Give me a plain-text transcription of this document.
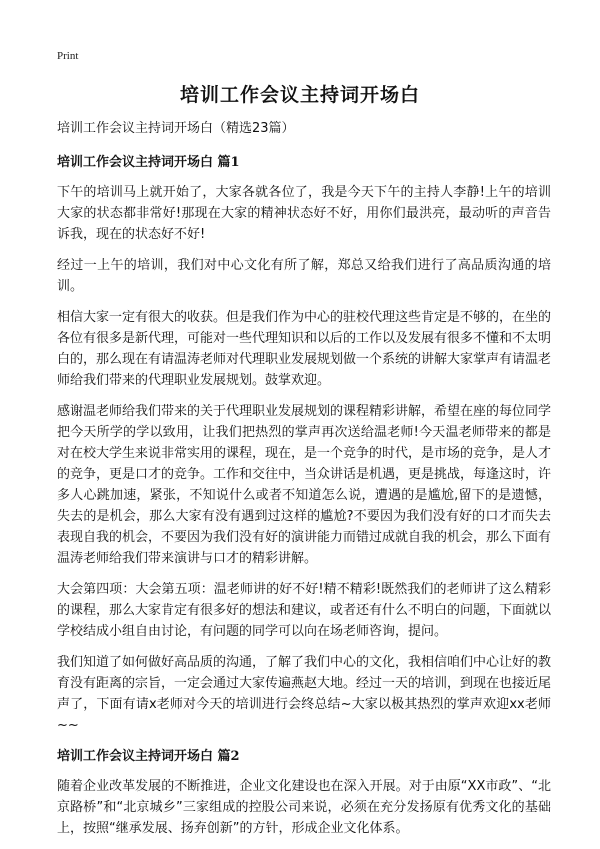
Print
培训工作会议主持词开场白

培训工作会议主持词开场白（精选23篇）

培训工作会议主持词开场白 篇1

下午的培训马上就开始了，大家各就各位了，我是今天下午的主持人李静!上午的培训大家的状态都非常好!那现在大家的精神状态好不好，用你们最洪亮，最动听的声音告诉我，现在的状态好不好!

经过一上午的培训，我们对中心文化有所了解，郑总又给我们进行了高品质沟通的培训。

相信大家一定有很大的收获。但是我们作为中心的驻校代理这些肯定是不够的，在坐的各位有很多是新代理，可能对一些代理知识和以后的工作以及发展有很多不懂和不太明白的，那么现在有请温涛老师对代理职业发展规划做一个系统的讲解大家掌声有请温老师给我们带来的代理职业发展规划。鼓掌欢迎。

感谢温老师给我们带来的关于代理职业发展规划的课程精彩讲解，希望在座的每位同学把今天所学的学以致用，让我们把热烈的掌声再次送给温老师!今天温老师带来的都是对在校大学生来说非常实用的课程，现在，是一个竞争的时代，是市场的竞争，是人才的竞争，更是口才的竞争。工作和交往中，当众讲话是机遇，更是挑战，每逢这时，许多人心跳加速，紧张，不知说什么或者不知道怎么说，遭遇的是尴尬,留下的是遗憾，失去的是机会，那么大家有没有遇到过这样的尴尬?不要因为我们没有好的口才而失去表现自我的机会，不要因为我们没有好的演讲能力而错过成就自我的机会，那么下面有温涛老师给我们带来演讲与口才的精彩讲解。

大会第四项：大会第五项：温老师讲的好不好!精不精彩!既然我们的老师讲了这么精彩的课程，那么大家肯定有很多好的想法和建议，或者还有什么不明白的问题，下面就以学校结成小组自由讨论，有问题的同学可以向在场老师咨询，提问。

我们知道了如何做好高品质的沟通，了解了我们中心的文化，我相信咱们中心让好的教育没有距离的宗旨，一定会通过大家传遍燕赵大地。经过一天的培训，到现在也接近尾声了，下面有请x老师对今天的培训进行会终总结~大家以极其热烈的掌声欢迎xx老师~~

培训工作会议主持词开场白 篇2

随着企业改革发展的不断推进，企业文化建设也在深入开展。对于由原“XX市政”、“北京路桥”和“北京城乡”三家组成的控股公司来说，必须在充分发扬原有优秀文化的基础上，按照“继承发展、扬弃创新”的方针，形成企业文化体系。
